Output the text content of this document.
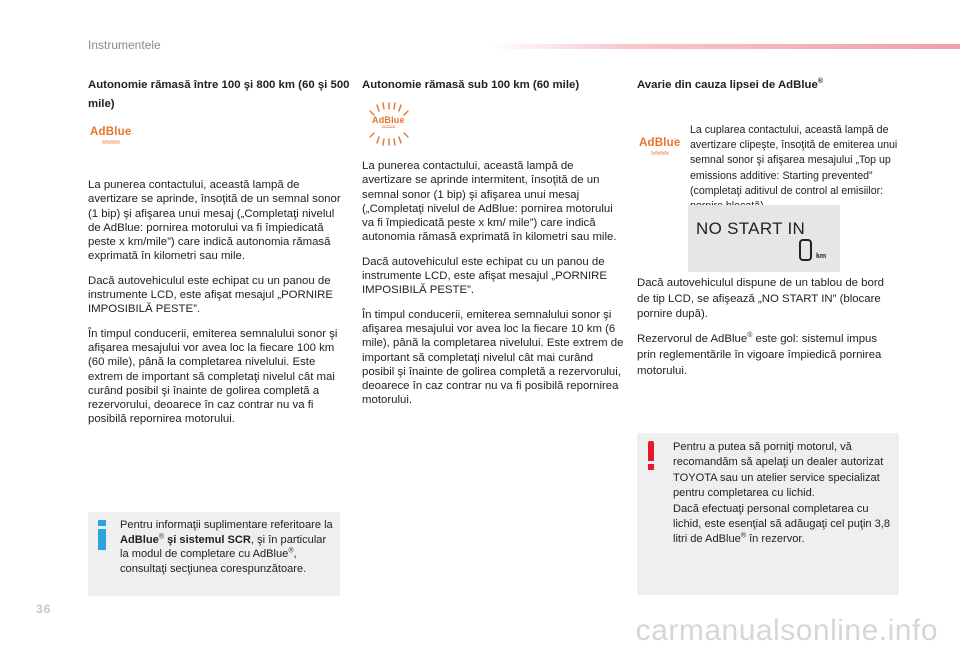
Instrumentele

Autonomie rămasă între 100 şi 800 km (60 şi 500 mile)

AdBlue
≈≈≈≈

La punerea contactului, această lampă de avertizare se aprinde, însoţită de un semnal sonor (1 bip) şi afişarea unui mesaj („Completaţi nivelul de AdBlue: pornirea motorului va fi împiedicată peste x km/mile”) care indică autonomia rămasă exprimată în kilometri sau mile.

Dacă autovehiculul este echipat cu un panou de instrumente LCD, este afişat mesajul „PORNIRE IMPOSIBILĂ PESTE”.

În timpul conducerii, emiterea semnalului sonor şi afişarea mesajului vor avea loc la fiecare 100 km (60 mile), până la completarea nivelului. Este extrem de important să completaţi nivelul cât mai curând posibil şi înainte de golirea completă a rezervorului, deoarece în caz contrar nu va fi posibilă repornirea motorului.

Autonomie rămasă sub 100 km (60 mile)

AdBlue
≈≈≈≈

La punerea contactului, această lampă de avertizare se aprinde intermitent, însoţită de un semnal sonor (1 bip) şi afişarea unui mesaj („Completaţi nivelul de AdBlue: pornirea motorului va fi împiedicată peste x km/ mile”) care indică autonomia rămasă exprimată în kilometri sau mile.

Dacă autovehiculul este echipat cu un panou de instrumente LCD, este afişat mesajul „PORNIRE IMPOSIBILĂ PESTE”.

În timpul conducerii, emiterea semnalului sonor şi afişarea mesajului vor avea loc la fiecare 10 km (6 mile), până la completarea nivelului. Este extrem de important să completaţi nivelul cât mai curând posibil şi înainte de golirea completă a rezervorului, deoarece în caz contrar nu va fi posibilă repornirea motorului.

Avarie din cauza lipsei de AdBlue®

AdBlue
≈≈≈≈
La cuplarea contactului, această lampă de avertizare clipeşte, însoţită de emiterea unui semnal sonor şi afişarea mesajului „Top up emissions additive: Starting prevented” (completaţi aditivul de control al emisiilor:
NO START IN
km

Dacă autovehiculul dispune de un tablou de bord de tip LCD, se afişează „NO START IN” (blocare pornire după).

Rezervorul de AdBlue® este gol: sistemul impus prin reglementările în vigoare împiedică pornirea motorului.

Pentru informaţii suplimentare referitoare la AdBlue® şi sistemul SCR, şi în particular la modul de completare cu AdBlue®, consultaţi secţiunea corespunzătoare.
Pentru a putea să porniţi motorul, vă recomandăm să apelaţi un dealer autorizat TOYOTA sau un atelier service specializat pentru completarea cu lichid.
Dacă efectuaţi personal completarea cu lichid, este esenţial să adăugaţi cel puţin 3,8 litri de AdBlue® în rezervor.
36
carmanualsonline.info
